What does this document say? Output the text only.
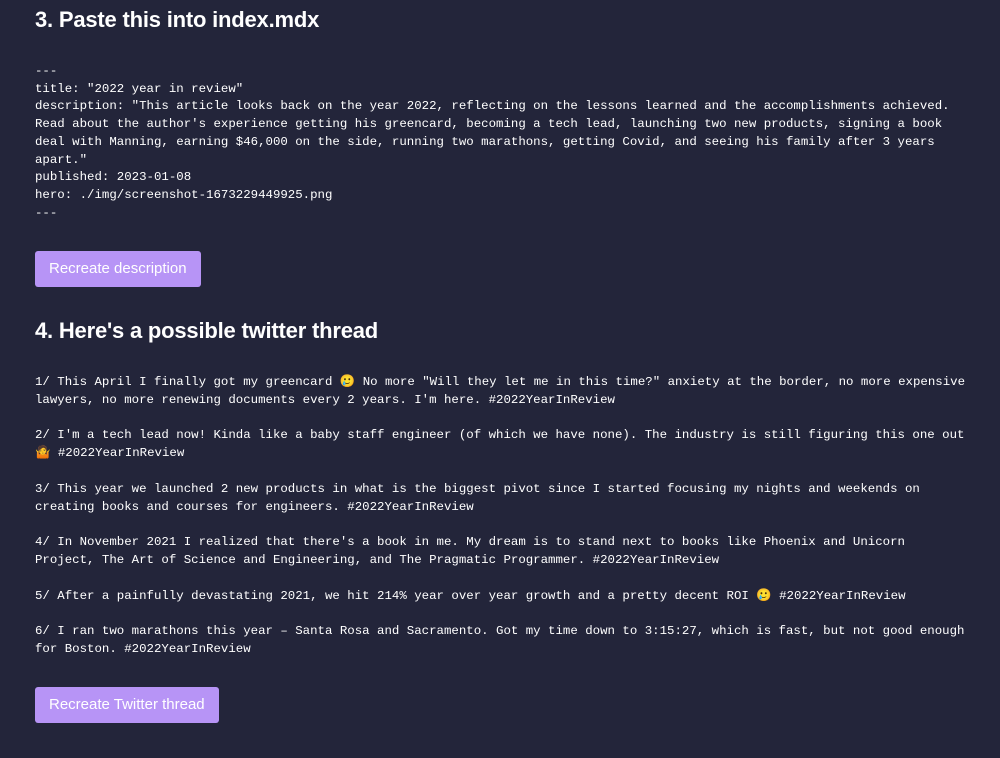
3. Paste this into index.mdx
---
title: "2022 year in review"
description: "This article looks back on the year 2022, reflecting on the lessons learned and the accomplishments achieved. Read about the author's experience getting his greencard, becoming a tech lead, launching two new products, signing a book deal with Manning, earning $46,000 on the side, running two marathons, getting Covid, and seeing his family after 3 years apart."
published: 2023-01-08
hero: ./img/screenshot-1673229449925.png
---
Recreate description
4. Here's a possible twitter thread
1/ This April I finally got my greencard 🥲 No more "Will they let me in this time?" anxiety at the border, no more expensive lawyers, no more renewing documents every 2 years. I'm here. #2022YearInReview
2/ I'm a tech lead now! Kinda like a baby staff engineer (of which we have none). The industry is still figuring this one out 🤷 #2022YearInReview
3/ This year we launched 2 new products in what is the biggest pivot since I started focusing my nights and weekends on creating books and courses for engineers. #2022YearInReview
4/ In November 2021 I realized that there's a book in me. My dream is to stand next to books like Phoenix and Unicorn Project, The Art of Science and Engineering, and The Pragmatic Programmer. #2022YearInReview
5/ After a painfully devastating 2021, we hit 214% year over year growth and a pretty decent ROI 🥲 #2022YearInReview
6/ I ran two marathons this year – Santa Rosa and Sacramento. Got my time down to 3:15:27, which is fast, but not good enough for Boston. #2022YearInReview
Recreate Twitter thread
